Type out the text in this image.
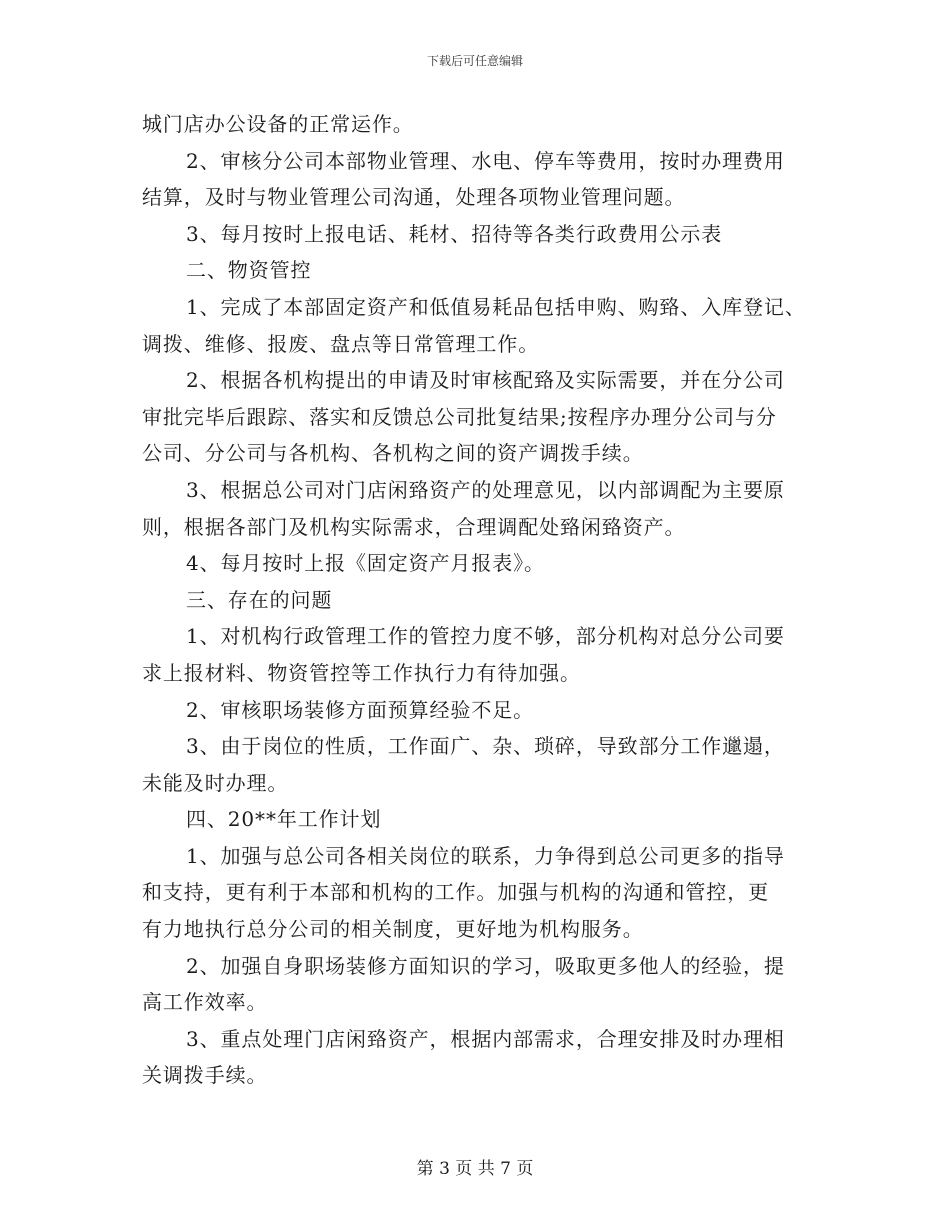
下载后可任意编辑
城门店办公设备的正常运作。
2、审核分公司本部物业管理、水电、停车等费用，按时办理费用
结算，及时与物业管理公司沟通，处理各项物业管理问题。
3、每月按时上报电话、耗材、招待等各类行政费用公示表
二、物资管控
1、完成了本部固定资产和低值易耗品包括申购、购臵、入库登记、
调拨、维修、报废、盘点等日常管理工作。
2、根据各机构提出的申请及时审核配臵及实际需要，并在分公司
审批完毕后跟踪、落实和反馈总公司批复结果;按程序办理分公司与分
公司、分公司与各机构、各机构之间的资产调拨手续。
3、根据总公司对门店闲臵资产的处理意见，以内部调配为主要原
则，根据各部门及机构实际需求，合理调配处臵闲臵资产。
4、每月按时上报《固定资产月报表》。
三、存在的问题
1、对机构行政管理工作的管控力度不够，部分机构对总分公司要
求上报材料、物资管控等工作执行力有待加强。
2、审核职场装修方面预算经验不足。
3、由于岗位的性质，工作面广、杂、琐碎，导致部分工作邋遢，
未能及时办理。
四、20**年工作计划
1、加强与总公司各相关岗位的联系，力争得到总公司更多的指导
和支持，更有利于本部和机构的工作。加强与机构的沟通和管控，更
有力地执行总分公司的相关制度，更好地为机构服务。
2、加强自身职场装修方面知识的学习，吸取更多他人的经验，提
高工作效率。
3、重点处理门店闲臵资产，根据内部需求，合理安排及时办理相
关调拨手续。
第 3 页 共 7 页
